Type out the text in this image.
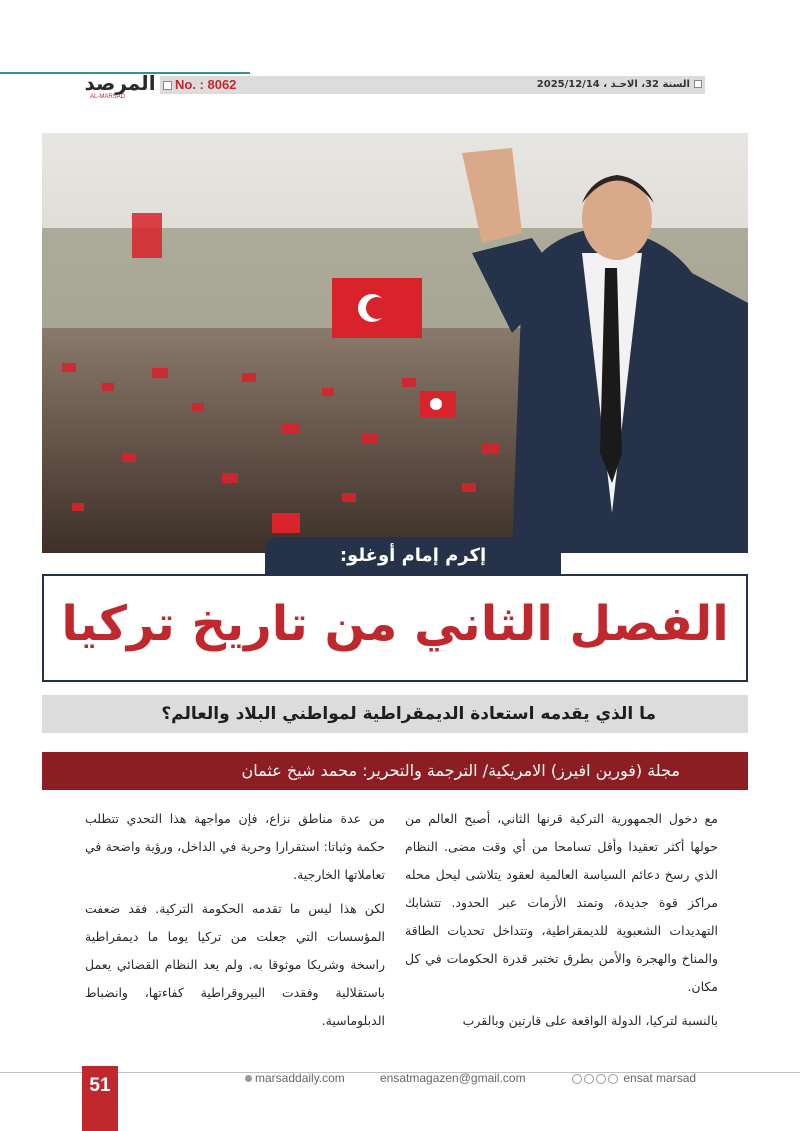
المرصد
AL-MARSAD
No. : 8062	السنة 32، الاحـد ، 2025/12/14
إكرم إمام أوغلو:
الفصل الثاني من تاريخ تركيا
ما الذي يقدمه استعادة الديمقراطية لمواطني البلاد والعالم؟
مجلة (فورين افيرز) الامريكية/ الترجمة والتحرير: محمد شيخ عثمان

مع دخول الجمهورية التركية قرنها الثاني، أصبح العالم من حولها أكثر تعقيدا وأقل تسامحا من أي وقت مضى. النظام الذي رسخ دعائم السياسة العالمية لعقود يتلاشى ليحل محله مراكز قوة جديدة، وتمتد الأزمات عبر الحدود. تتشابك التهديدات الشعبوية للديمقراطية، وتتداخل تحديات الطاقة والمناخ والهجرة والأمن بطرق تختبر قدرة الحكومات في كل مكان.

بالنسبة لتركيا، الدولة الواقعة على قارتين وبالقرب

من عدة مناطق نزاع، فإن مواجهة هذا التحدي تتطلب حكمة وثباتا: استقرارا وحرية في الداخل، ورؤية واضحة في تعاملاتها الخارجية.

لكن هذا ليس ما تقدمه الحكومة التركية. فقد ضعفت المؤسسات التي جعلت من تركيا يوما ما ديمقراطية راسخة وشريكا موثوقا به. ولم يعد النظام القضائي يعمل باستقلالية وفقدت البيروقراطية كفاءتها، وانضباط الدبلوماسية.

51	marsaddaily.com	ensatmagazen@gmail.com	ensat marsad
